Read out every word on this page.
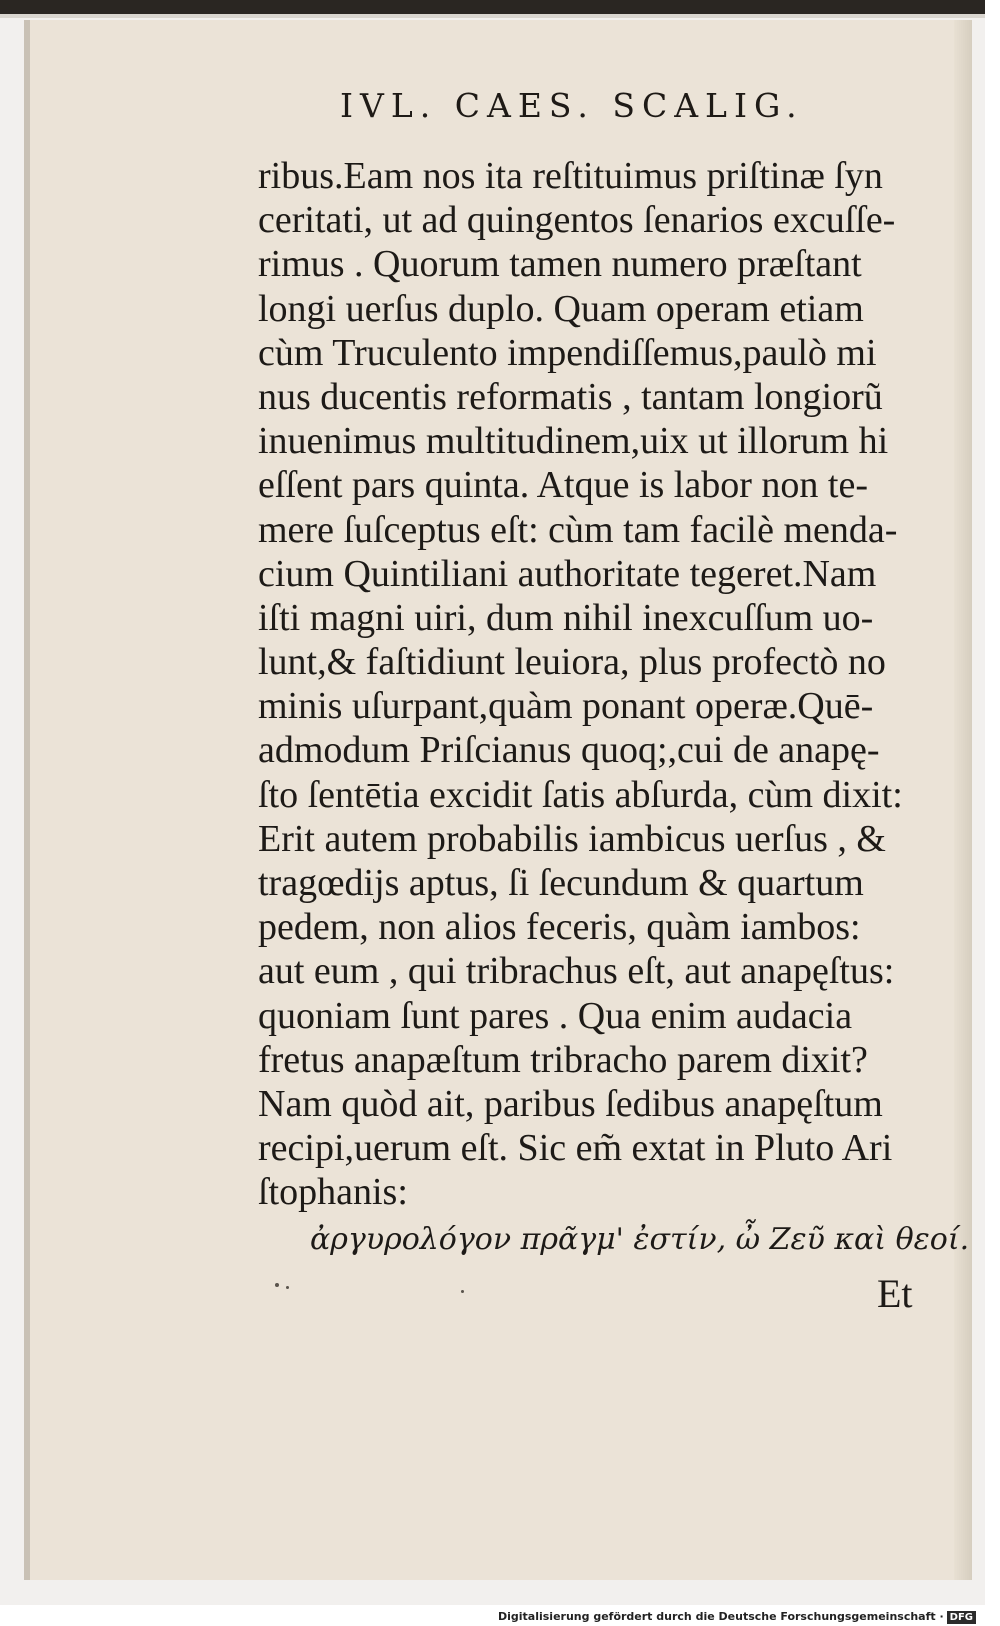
IVL. CAES. SCALIG.
ribus.Eam nos ita reſtituimus priſtinæ ſyn
ceritati, ut ad quingentos ſenarios excuſſe-
rimus . Quorum tamen numero præſtant
longi uerſus duplo. Quam operam etiam
cùm Truculento impendiſſemus,paulò mi
nus ducentis reformatis , tantam longiorũ
inuenimus multitudinem,uix ut illorum hi
eſſent pars quinta. Atque is labor non te-
mere ſuſceptus eſt: cùm tam facilè menda-
cium Quintiliani authoritate tegeret.Nam
iſti magni uiri, dum nihil inexcuſſum uo-
lunt,& faſtidiunt leuiora, plus profectò no
minis uſurpant,quàm ponant operæ.Quē-
admodum Priſcianus quoq;,cui de anapę-
ſto ſentētia excidit ſatis abſurda, cùm dixit:
Erit autem probabilis iambicus uerſus , &
tragœdijs aptus, ſi ſecundum & quartum
pedem, non alios feceris, quàm iambos:
aut eum , qui tribrachus eſt, aut anapęſtus:
quoniam ſunt pares . Qua enim audacia
fretus anapæſtum tribracho parem dixit?
Nam quòd ait, paribus ſedibus anapęſtum
recipi,uerum eſt. Sic em̃ extat in Pluto Ari
ſtophanis:
ἀργυρολόγον πρᾶγμ' ἐστίν, ὦ Ζεῦ καὶ θεοί.
Et
Digitalisierung gefördert durch die Deutsche Forschungsgemeinschaft · DFG
